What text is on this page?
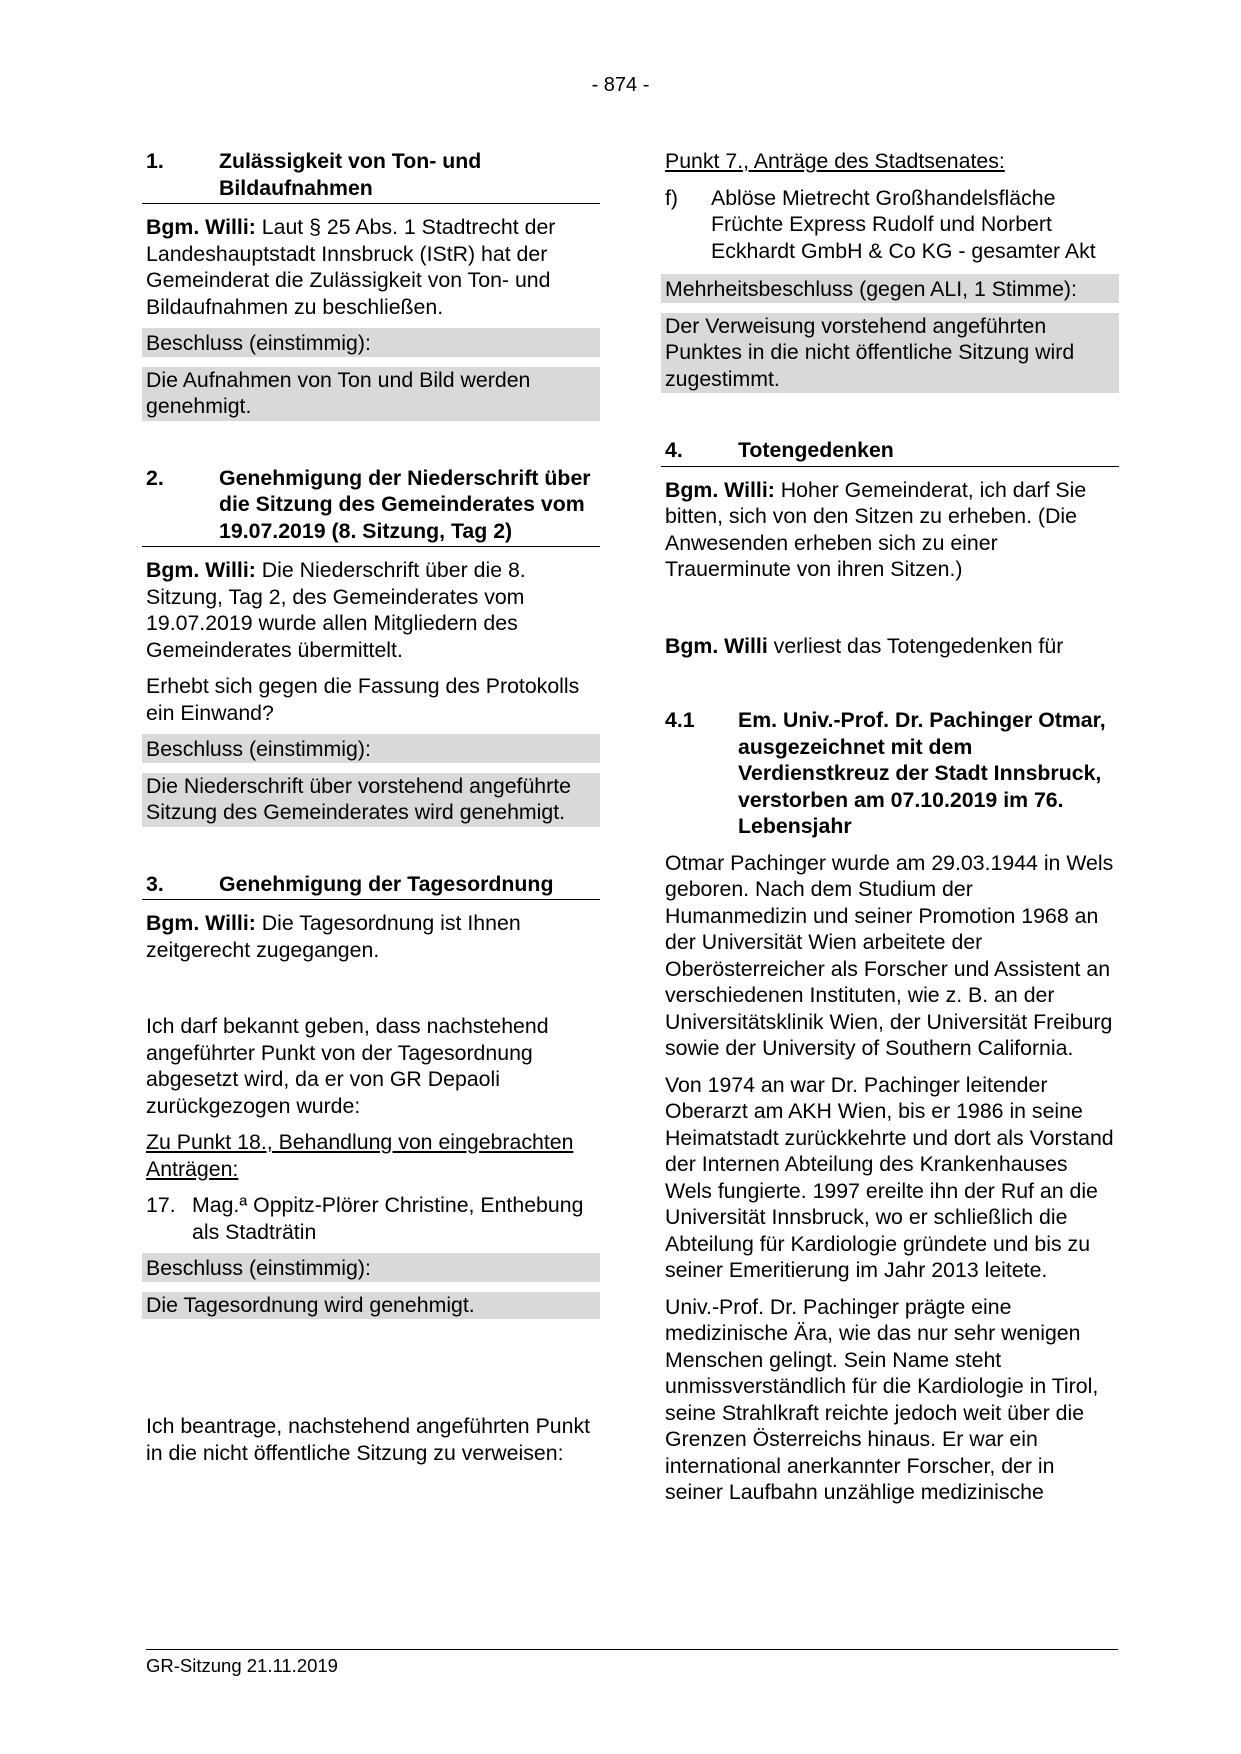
- 874 -
1.	Zulässigkeit von Ton- und Bildaufnahmen

Bgm. Willi: Laut § 25 Abs. 1 Stadtrecht der Landeshauptstadt Innsbruck (IStR) hat der Gemeinderat die Zulässigkeit von Ton- und Bildaufnahmen zu beschließen.

Beschluss (einstimmig):

Die Aufnahmen von Ton und Bild werden genehmigt.

2.	Genehmigung der Niederschrift über die Sitzung des Gemeinderates vom 19.07.2019 (8. Sitzung, Tag 2)

Bgm. Willi: Die Niederschrift über die 8. Sitzung, Tag 2, des Gemeinderates vom 19.07.2019 wurde allen Mitgliedern des Gemeinderates übermittelt.

Erhebt sich gegen die Fassung des Protokolls ein Einwand?

Beschluss (einstimmig):

Die Niederschrift über vorstehend angeführte Sitzung des Gemeinderates wird genehmigt.

3.	Genehmigung der Tagesordnung

Bgm. Willi: Die Tagesordnung ist Ihnen zeitgerecht zugegangen.

Ich darf bekannt geben, dass nachstehend angeführter Punkt von der Tagesordnung abgesetzt wird, da er von GR Depaoli zurückgezogen wurde:

Zu Punkt 18., Behandlung von eingebrachten Anträgen:

17. Mag.ª Oppitz-Plörer Christine, Enthebung als Stadträtin

Beschluss (einstimmig):

Die Tagesordnung wird genehmigt.

Ich beantrage, nachstehend angeführten Punkt in die nicht öffentliche Sitzung zu verweisen:

Punkt 7., Anträge des Stadtsenates:

f)	Ablöse Mietrecht Großhandelsfläche Früchte Express Rudolf und Norbert Eckhardt GmbH & Co KG - gesamter Akt

Mehrheitsbeschluss (gegen ALI, 1 Stimme):

Der Verweisung vorstehend angeführten Punktes in die nicht öffentliche Sitzung wird zugestimmt.

4.	Totengedenken

Bgm. Willi: Hoher Gemeinderat, ich darf Sie bitten, sich von den Sitzen zu erheben. (Die Anwesenden erheben sich zu einer Trauerminute von ihren Sitzen.)

Bgm. Willi verliest das Totengedenken für

4.1	Em. Univ.-Prof. Dr. Pachinger Otmar, ausgezeichnet mit dem Verdienstkreuz der Stadt Innsbruck, verstorben am 07.10.2019 im 76. Lebensjahr

Otmar Pachinger wurde am 29.03.1944 in Wels geboren. Nach dem Studium der Humanmedizin und seiner Promotion 1968 an der Universität Wien arbeitete der Oberösterreicher als Forscher und Assistent an verschiedenen Instituten, wie z. B. an der Universitätsklinik Wien, der Universität Freiburg sowie der University of Southern California.

Von 1974 an war Dr. Pachinger leitender Oberarzt am AKH Wien, bis er 1986 in seine Heimatstadt zurückkehrte und dort als Vorstand der Internen Abteilung des Krankenhauses Wels fungierte. 1997 ereilte ihn der Ruf an die Universität Innsbruck, wo er schließlich die Abteilung für Kardiologie gründete und bis zu seiner Emeritierung im Jahr 2013 leitete.

Univ.-Prof. Dr. Pachinger prägte eine medizinische Ära, wie das nur sehr wenigen Menschen gelingt. Sein Name steht unmissverständlich für die Kardiologie in Tirol, seine Strahlkraft reichte jedoch weit über die Grenzen Österreichs hinaus. Er war ein international anerkannter Forscher, der in seiner Laufbahn unzählige medizinische

GR-Sitzung 21.11.2019
